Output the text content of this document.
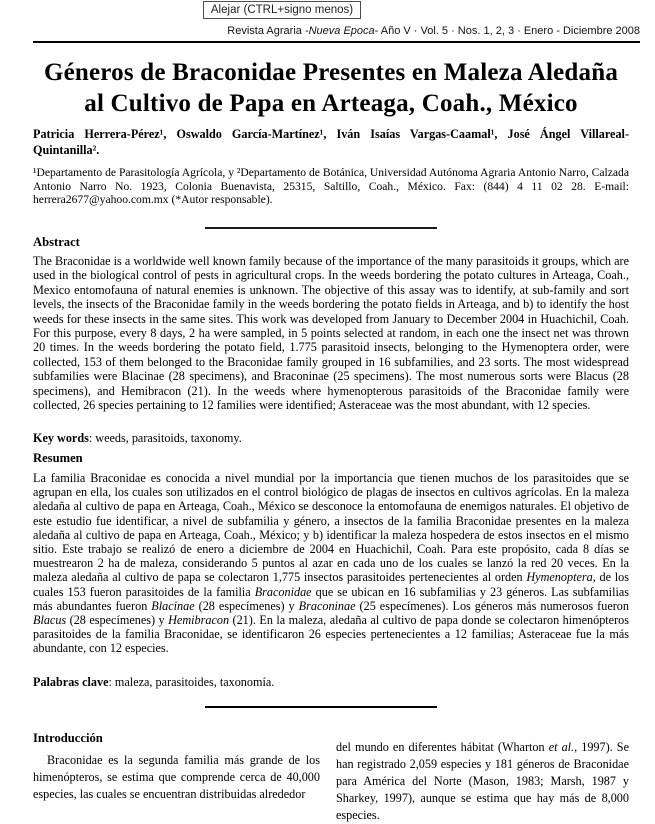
Alejar (CTRL+signo menos)
Revista Agraria -Nueva Epoca- Año V · Vol. 5 · Nos. 1, 2, 3 · Enero - Diciembre 2008
Géneros de Braconidae Presentes en Maleza Aledaña
al Cultivo de Papa en Arteaga, Coah., México
Patricia Herrera-Pérez¹, Oswaldo García-Martínez¹, Iván Isaías Vargas-Caamal¹, José Ángel Villareal-Quintanilla².
¹Departamento de Parasitología Agrícola, y ²Departamento de Botánica, Universidad Autónoma Agraria Antonio Narro, Calzada Antonio Narro No. 1923, Colonia Buenavista, 25315, Saltillo, Coah., México. Fax: (844) 4 11 02 28. E-mail: herrera2677@yahoo.com.mx (*Autor responsable).
Abstract
The Braconidae is a worldwide well known family because of the importance of the many parasitoids it groups, which are used in the biological control of pests in agricultural crops. In the weeds bordering the potato cultures in Arteaga, Coah., Mexico entomofauna of natural enemies is unknown. The objective of this assay was to identify, at sub-family and sort levels, the insects of the Braconidae family in the weeds bordering the potato fields in Arteaga, and b) to identify the host weeds for these insects in the same sites. This work was developed from January to December 2004 in Huachichil, Coah. For this purpose, every 8 days, 2 ha were sampled, in 5 points selected at random, in each one the insect net was thrown 20 times. In the weeds bordering the potato field, 1.775 parasitoid insects, belonging to the Hymenoptera order, were collected, 153 of them belonged to the Braconidae family grouped in 16 subfamilies, and 23 sorts. The most widespread subfamilies were Blacinae (28 specimens), and Braconinae (25 specimens). The most numerous sorts were Blacus (28 specimens), and Hemibracon (21). In the weeds where hymenopterous parasitoids of the Braconidae family were collected, 26 species pertaining to 12 families were identified; Asteraceae was the most abundant, with 12 species.
Key words: weeds, parasitoids, taxonomy.
Resumen
La familia Braconidae es conocida a nivel mundial por la importancia que tienen muchos de los parasitoides que se agrupan en ella, los cuales son utilizados en el control biológico de plagas de insectos en cultivos agrícolas. En la maleza aledaña al cultivo de papa en Arteaga, Coah., México se desconoce la entomofauna de enemigos naturales. El objetivo de este estudio fue identificar, a nivel de subfamilia y género, a insectos de la familia Braconidae presentes en la maleza aledaña al cultivo de papa en Arteaga, Coah., México; y b) identificar la maleza hospedera de estos insectos en el mismo sitio. Este trabajo se realizó de enero a diciembre de 2004 en Huachichil, Coah. Para este propósito, cada 8 días se muestrearon 2 ha de maleza, considerando 5 puntos al azar en cada uno de los cuales se lanzó la red 20 veces. En la maleza aledaña al cultivo de papa se colectaron 1,775 insectos parasitoides pertenecientes al orden Hymenoptera, de los cuales 153 fueron parasitoides de la familia Braconidae que se ubican en 16 subfamilias y 23 géneros. Las subfamilias más abundantes fueron Blacinae (28 especímenes) y Braconinae (25 especímenes). Los géneros más numerosos fueron Blacus (28 especímenes) y Hemibracon (21). En la maleza, aledaña al cultivo de papa donde se colectaron himenópteros parasitoides de la familia Braconidae, se identificaron 26 especies pertenecientes a 12 familias; Asteraceae fue la más abundante, con 12 especies.
Palabras clave: maleza, parasitoides, taxonomía.

Introducción

Braconidae es la segunda familia más grande de los himenópteros, se estima que comprende cerca de 40,000 especies, las cuales se encuentran distribuidas alrededor

del mundo en diferentes hábitat (Wharton et al., 1997). Se han registrado 2,059 especies y 181 géneros de Braconidae para América del Norte (Mason, 1983; Marsh, 1987 y Sharkey, 1997), aunque se estima que hay más de 8,000 especies.
